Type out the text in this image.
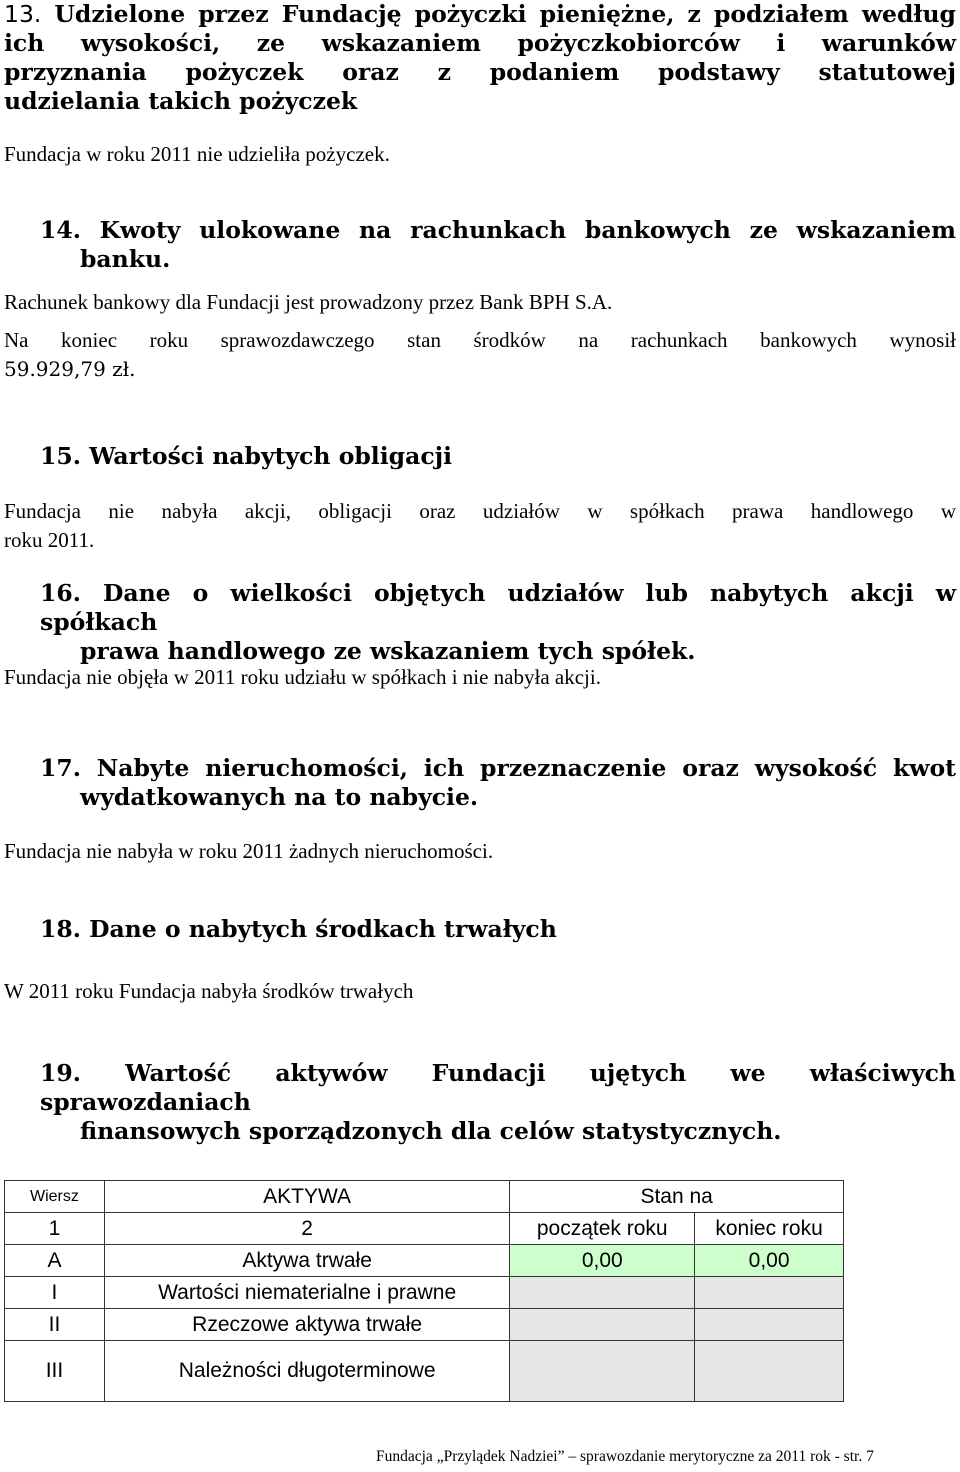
13. Udzielone przez Fundację pożyczki pieniężne, z podziałem według
ich wysokości, ze wskazaniem pożyczkobiorców i warunków
przyznania pożyczek oraz z podaniem podstawy statutowej
udzielania takich pożyczek
Fundacja w roku 2011 nie udzieliła pożyczek.
14. Kwoty ulokowane na rachunkach bankowych ze wskazaniem
banku.
Rachunek bankowy dla Fundacji jest prowadzony przez Bank BPH S.A.
Na koniec roku sprawozdawczego stan środków na rachunkach bankowych wynosił
59.929,79 zł.
15. Wartości nabytych obligacji
Fundacja nie nabyła akcji, obligacji oraz udziałów w spółkach prawa handlowego w
roku 2011.
16. Dane o wielkości objętych udziałów lub nabytych akcji w spółkach
prawa handlowego ze wskazaniem tych spółek.
Fundacja nie objęła w 2011 roku udziału w spółkach i nie nabyła akcji.
17. Nabyte nieruchomości, ich przeznaczenie oraz wysokość kwot
wydatkowanych na to nabycie.
Fundacja nie nabyła w roku 2011 żadnych nieruchomości.
18. Dane o nabytych środkach trwałych
W 2011 roku Fundacja nabyła środków trwałych
19. Wartość aktywów Fundacji ujętych we właściwych sprawozdaniach
finansowych sporządzonych dla celów statystycznych.
Wiersz	AKTYWA	Stan na	
1	2	początek roku	koniec roku
A	Aktywa trwałe	0,00	0,00
I	Wartości niematerialne i prawne		
II	Rzeczowe aktywa trwałe		
III	Należności długoterminowe		
Fundacja „Przylądek Nadziei” – sprawozdanie merytoryczne za 2011 rok - str. 7
